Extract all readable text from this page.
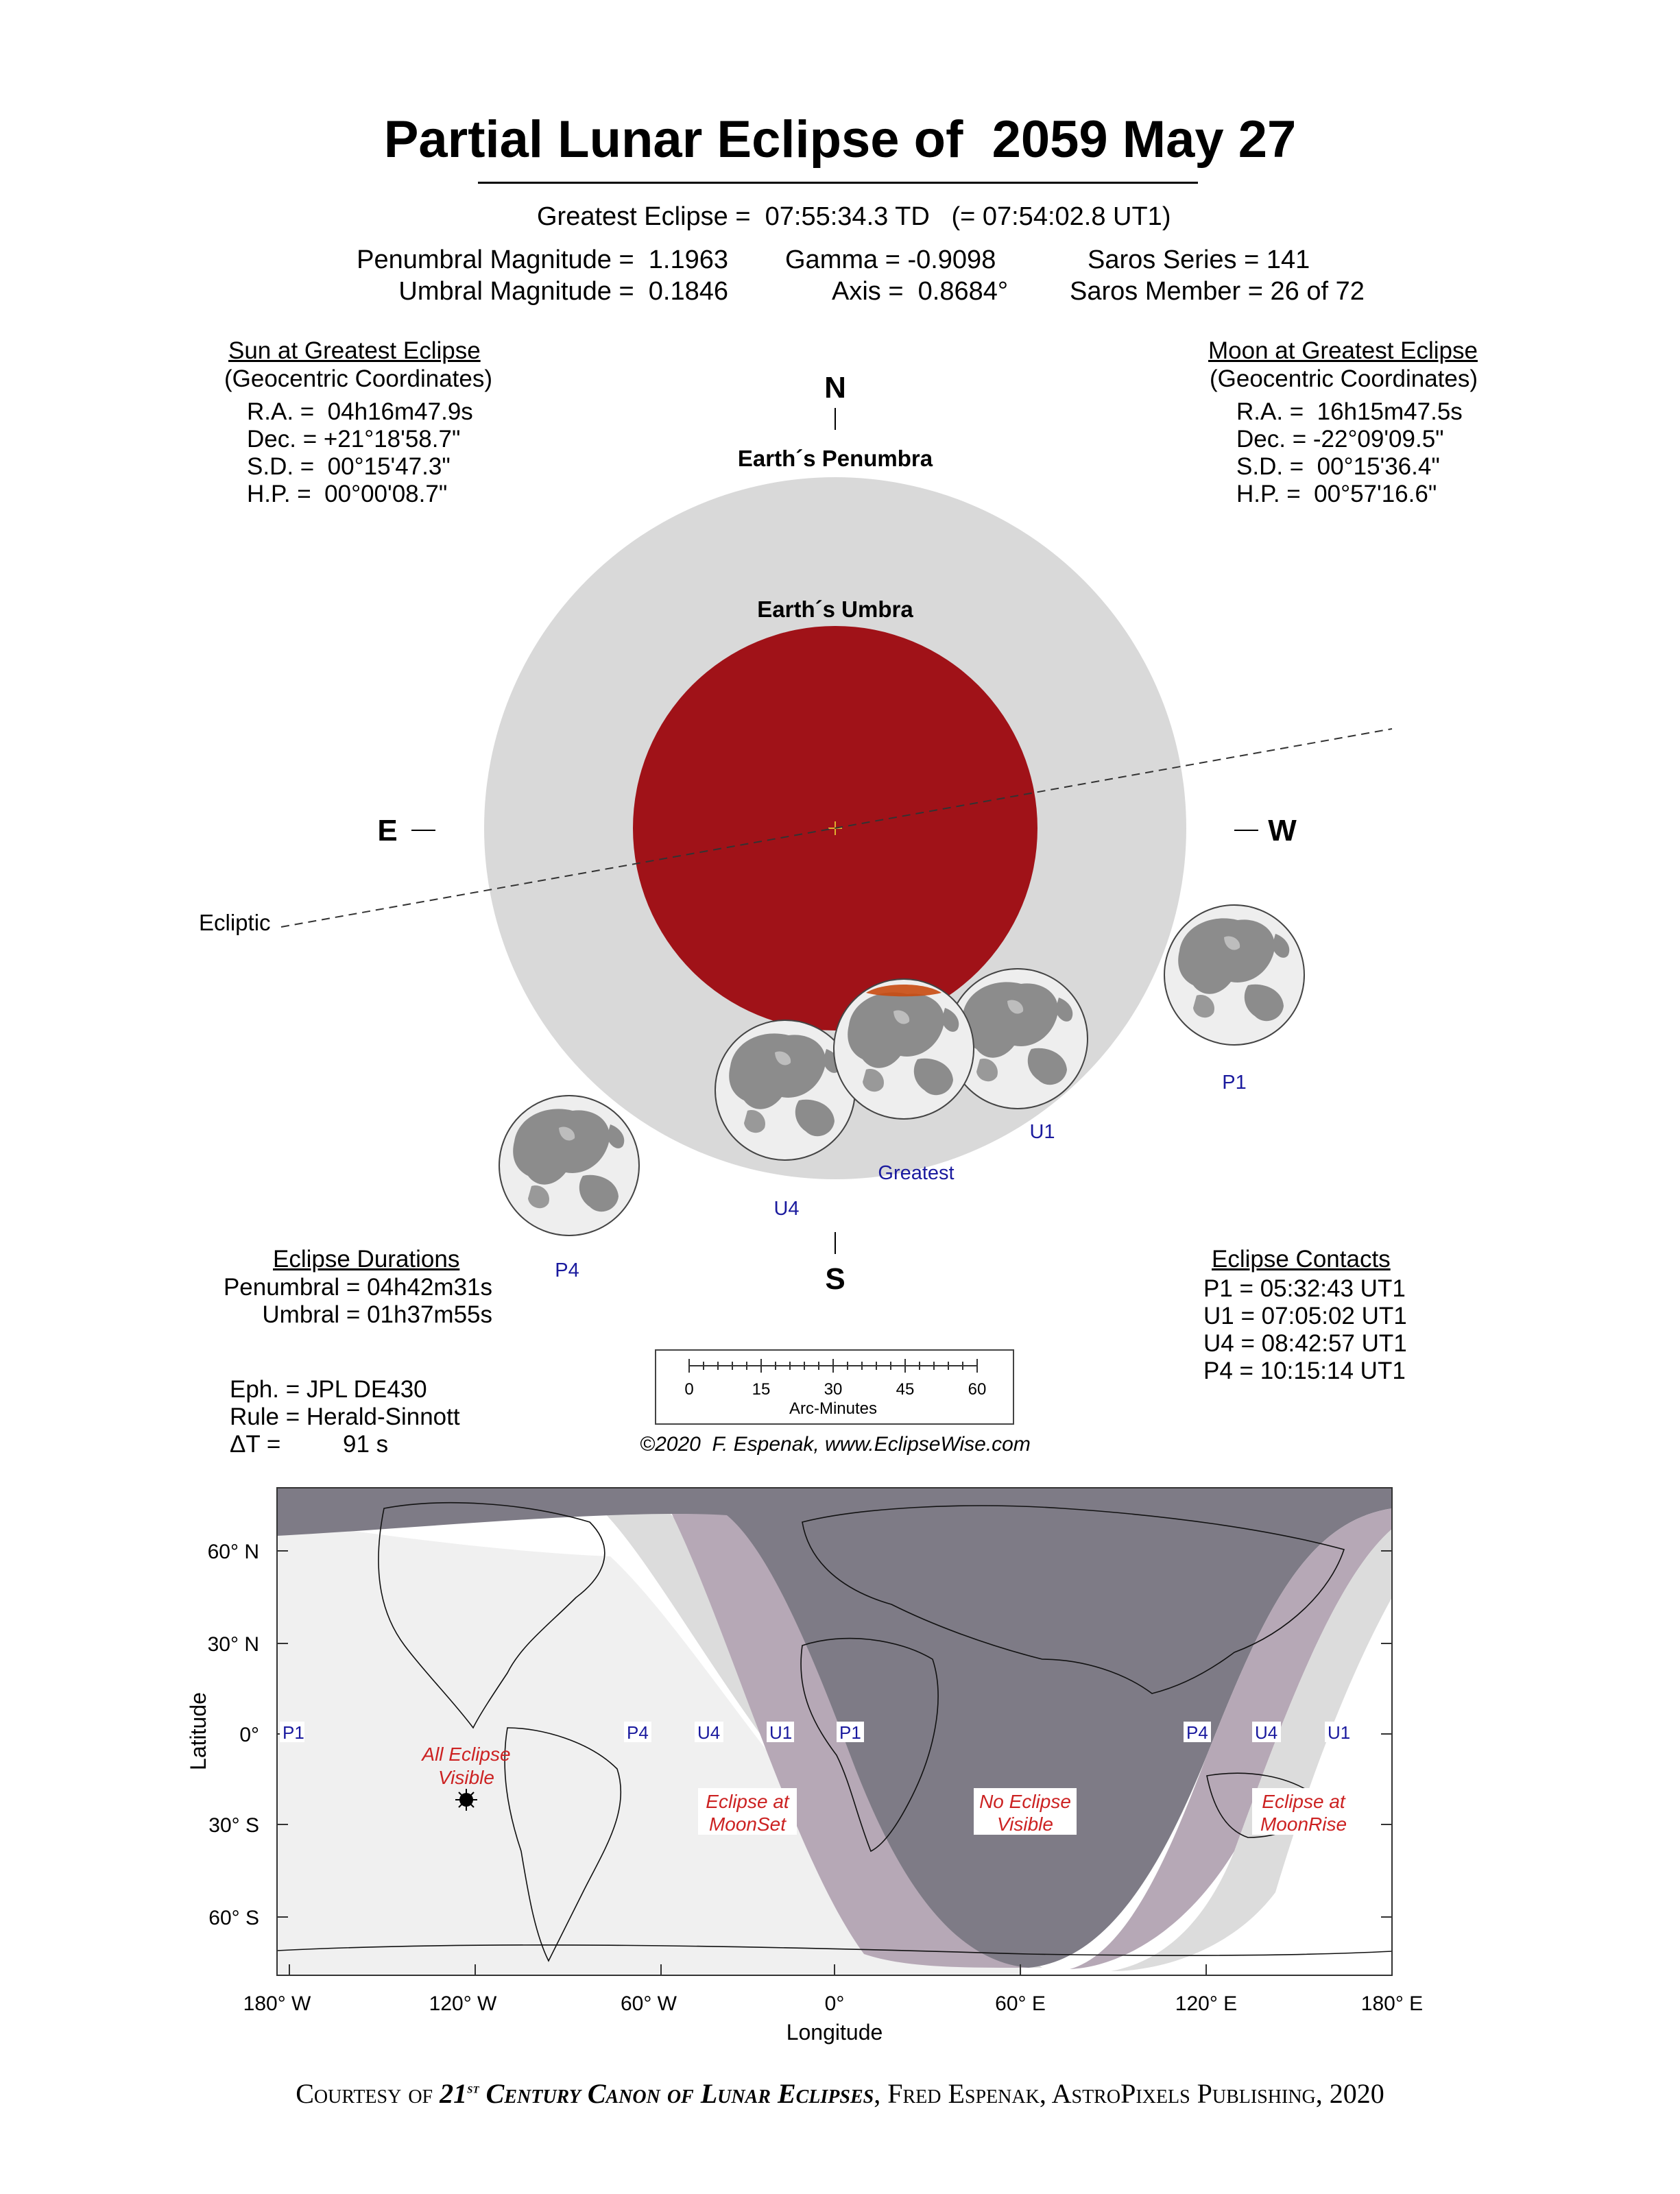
Partial Lunar Eclipse of  2059 May 27
Greatest Eclipse =  07:55:34.3 TD   (= 07:54:02.8 UT1)
Penumbral Magnitude =  1.1963
Umbral Magnitude =  0.1846
Gamma = -0.9098
Axis =  0.8684°
Saros Series = 141
Saros Member = 26 of 72
Sun at Greatest Eclipse
(Geocentric Coordinates)
R.A. =  04h16m47.9s
Dec. = +21°18'58.7"
S.D. =  00°15'47.3"
H.P. =  00°00'08.7"
Moon at Greatest Eclipse
(Geocentric Coordinates)
R.A. =  16h15m47.5s
Dec. = -22°09'09.5"
S.D. =  00°15'36.4"
H.P. =  00°57'16.6"
N
S
E	W
Earth´s Penumbra
Earth´s Umbra
Ecliptic
P1
U1
Greatest
U4
P4
Eclipse Durations
Penumbral = 04h42m31s
Umbral = 01h37m55s
Eclipse Contacts
P1 = 05:32:43 UT1
U1 = 07:05:02 UT1
U4 = 08:42:57 UT1
P4 = 10:15:14 UT1
Eph. = JPL DE430
Rule = Herald-Sinnott
ΔT =	91 s
0	15	30	45	60
Arc-Minutes
©2020  F. Espenak, www.EclipseWise.com
60° N
30° N
0°
30° S
60° S
180° W	120° W	60° W	0°	60° E	120° E	180° E
Longitude
Latitude	P1	P4	U4	U1	P1	P4	U4	U1
All Eclipse
Visible
Eclipse at
MoonSet
No Eclipse
Visible
Eclipse at
MoonRise
Courtesy of 21st Century Canon of Lunar Eclipses, Fred Espenak, AstroPixels Publishing, 2020
